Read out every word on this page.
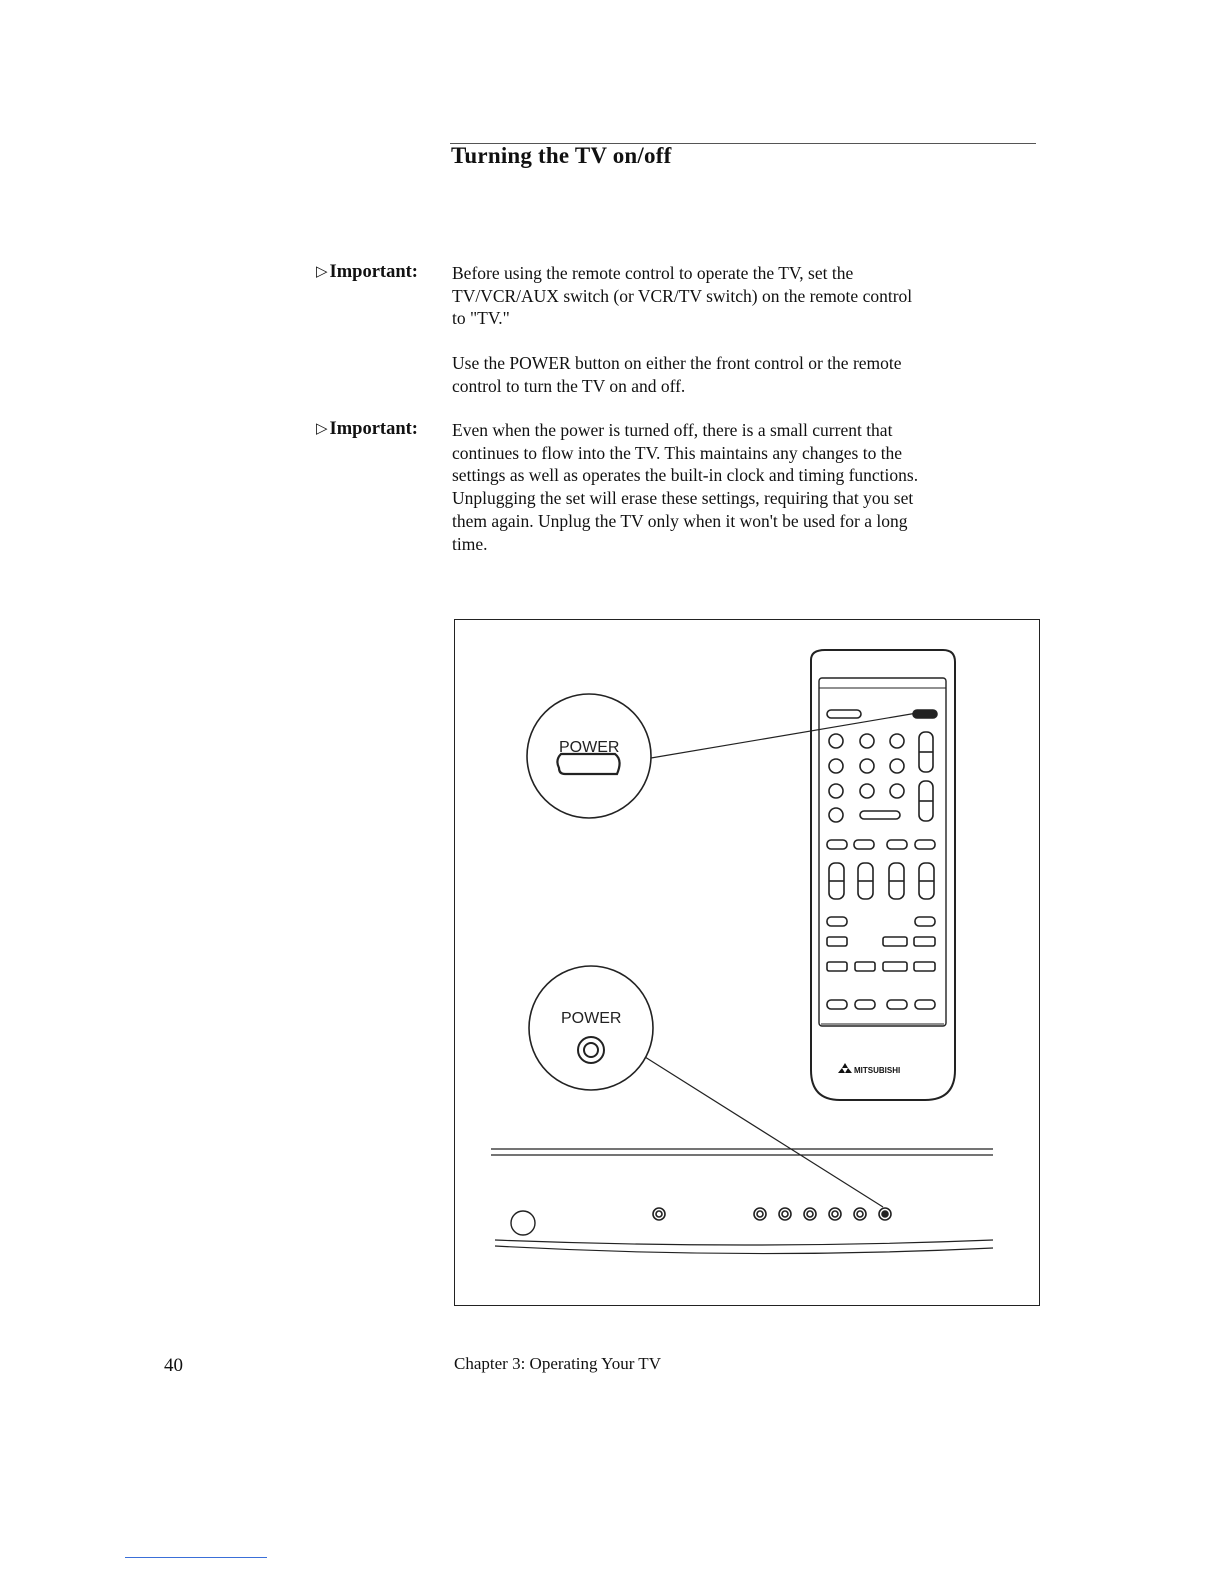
Turning the TV on/off
▷ Important: Before using the remote control to operate the TV, set the
TV/VCR/AUX switch (or VCR/TV switch) on the remote control
to "TV."
Use the POWER button on either the front control or the remote
control to turn the TV on and off.
▷ Important: Even when the power is turned off, there is a small current that
continues to flow into the TV. This maintains any changes to the
settings as well as operates the built-in clock and timing functions.
Unplugging the set will erase these settings, requiring that you set
them again. Unplug the TV only when it won't be used for a long
time.
POWER
POWER
MITSUBISHI
40	Chapter 3: Operating Your TV
